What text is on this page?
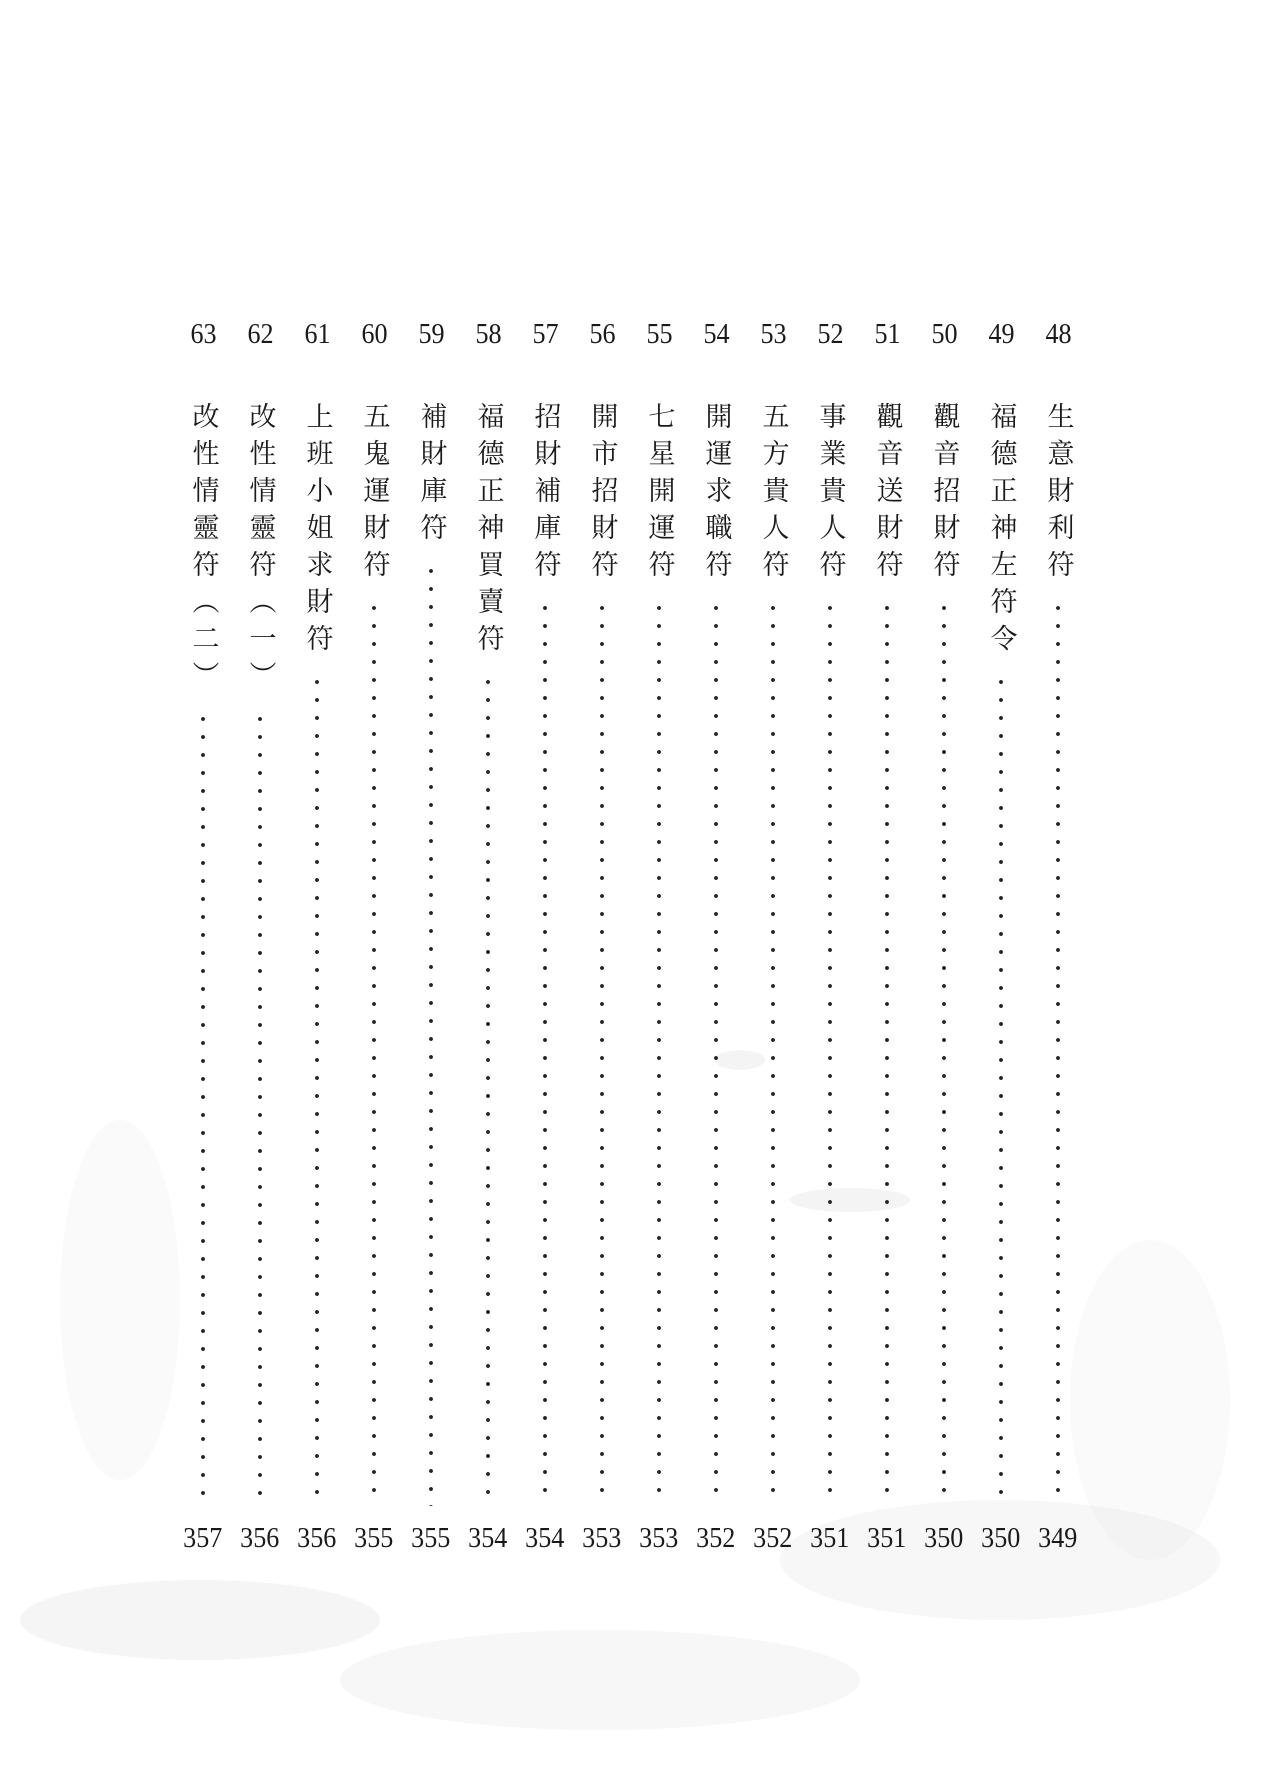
48
生意財利符
349
49
福德正神左符令
350
50
觀音招財符
350
51
觀音送財符
351
52
事業貴人符
351
53
五方貴人符
352
54
開運求職符
352
55
七星開運符
353
56
開市招財符
353
57
招財補庫符
354
58
福德正神買賣符
354
59
補財庫符
355
60
五鬼運財符
355
61
上班小姐求財符
356
62
改性情靈符（一）
356
63
改性情靈符（二）
357
